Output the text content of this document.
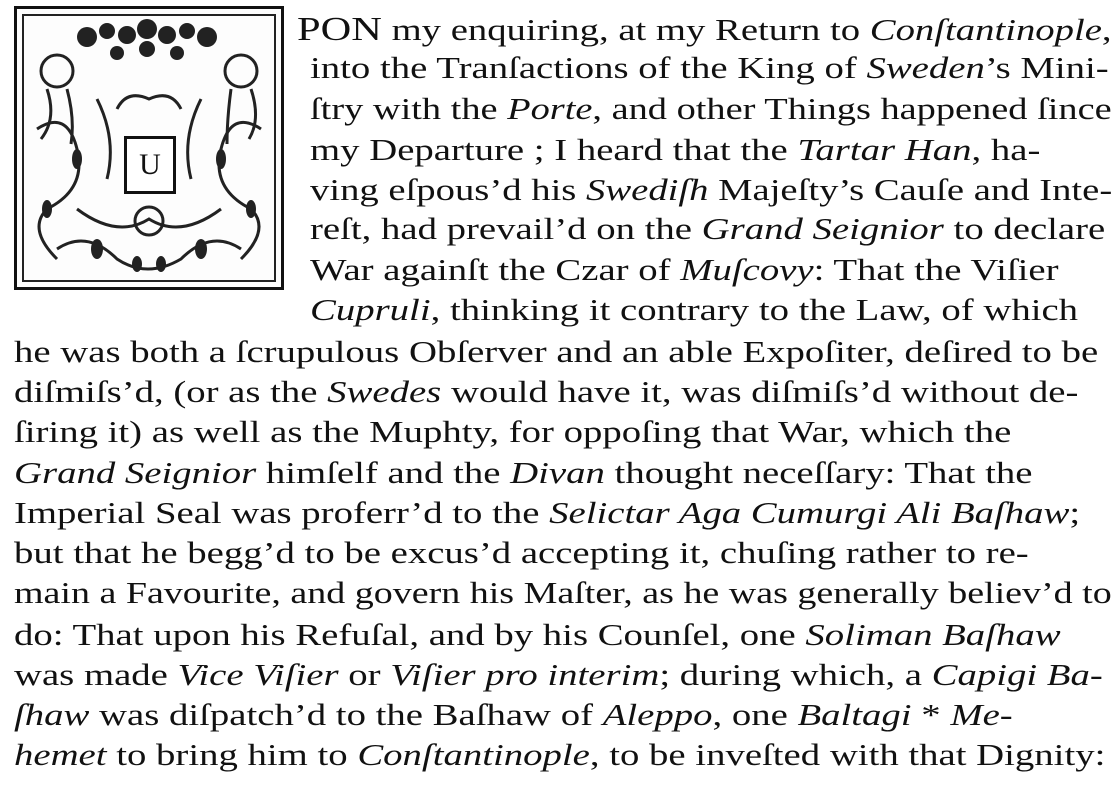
U
PON my enquiring, at my Return to Conſtantinople,
into the Tranſactions of the King of Sweden’s Mini-
ſtry with the Porte, and other Things happened ſince
my Departure ; I heard that the Tartar Han, ha-
ving eſpous’d his Swediſh Majeſty’s Cauſe and Inte-
reſt, had prevail’d on the Grand Seignior to declare
War againſt the Czar of Muſcovy: That the Viſier
Cupruli, thinking it contrary to the Law, of which
he was both a ſcrupulous Obſerver and an able Expoſiter, deſired to be
diſmiſs’d, (or as the Swedes would have it, was diſmiſs’d without de-
ſiring it) as well as the Muphty, for oppoſing that War, which the
Grand Seignior himſelf and the Divan thought neceſſary: That the
Imperial Seal was proferr’d to the Selictar Aga Cumurgi Ali Baſhaw;
but that he begg’d to be excus’d accepting it, chuſing rather to re-
main a Favourite, and govern his Maſter, as he was generally believ’d to
do: That upon his Refuſal, and by his Counſel, one Soliman Baſhaw
was made Vice Viſier or Viſier pro interim; during which, a Capigi Ba-
ſhaw was diſpatch’d to the Baſhaw of Aleppo, one Baltagi * Me-
hemet to bring him to Conſtantinople, to be inveſted with that Dignity:
